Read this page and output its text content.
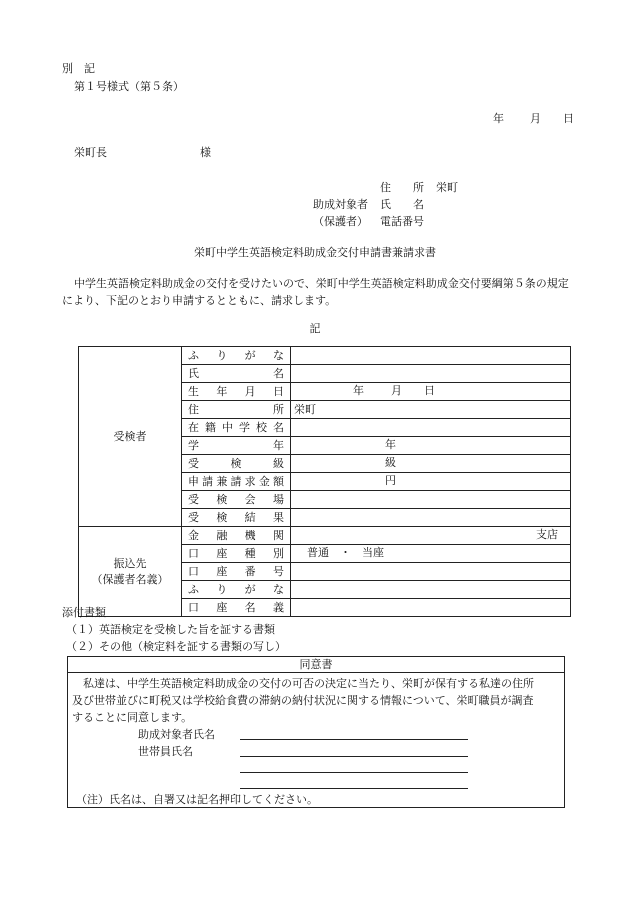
別　記
第１号様式（第５条）
年 月 日
栄町長	様
住　　所 栄町
助成対象者 氏　　名
（保護者） 電話番号
栄町中学生英語検定料助成金交付申請書兼請求書
中学生英語検定料助成金の交付を受けたいので、栄町中学生英語検定料助成金交付要綱第５条の規定
により、下記のとおり申請するとともに、請求します。
記
受検者	ふりがな	
	氏名	
	生年月日	年 月 日

	住所	栄町
	在籍中学校名	
	学年	年

	受検級	級

	申請兼請求金額	円

	受検会場	
	受検結果	

振込先
（保護者名義）	金融機関	支店

	口座種別	普通　・　当座

	口座番号	
	ふりがな	
	口座名義	
添付書類
（１）英語検定を受検した旨を証する書類
（２）その他（検定料を証する書類の写し）
同意書
私達は、中学生英語検定料助成金の交付の可否の決定に当たり、栄町が保有する私達の住所
及び世帯並びに町税又は学校給食費の滞納の納付状況に関する情報について、栄町職員が調査
することに同意します。
助成対象者氏名
世帯員氏名
（注）氏名は、自署又は記名押印してください。
